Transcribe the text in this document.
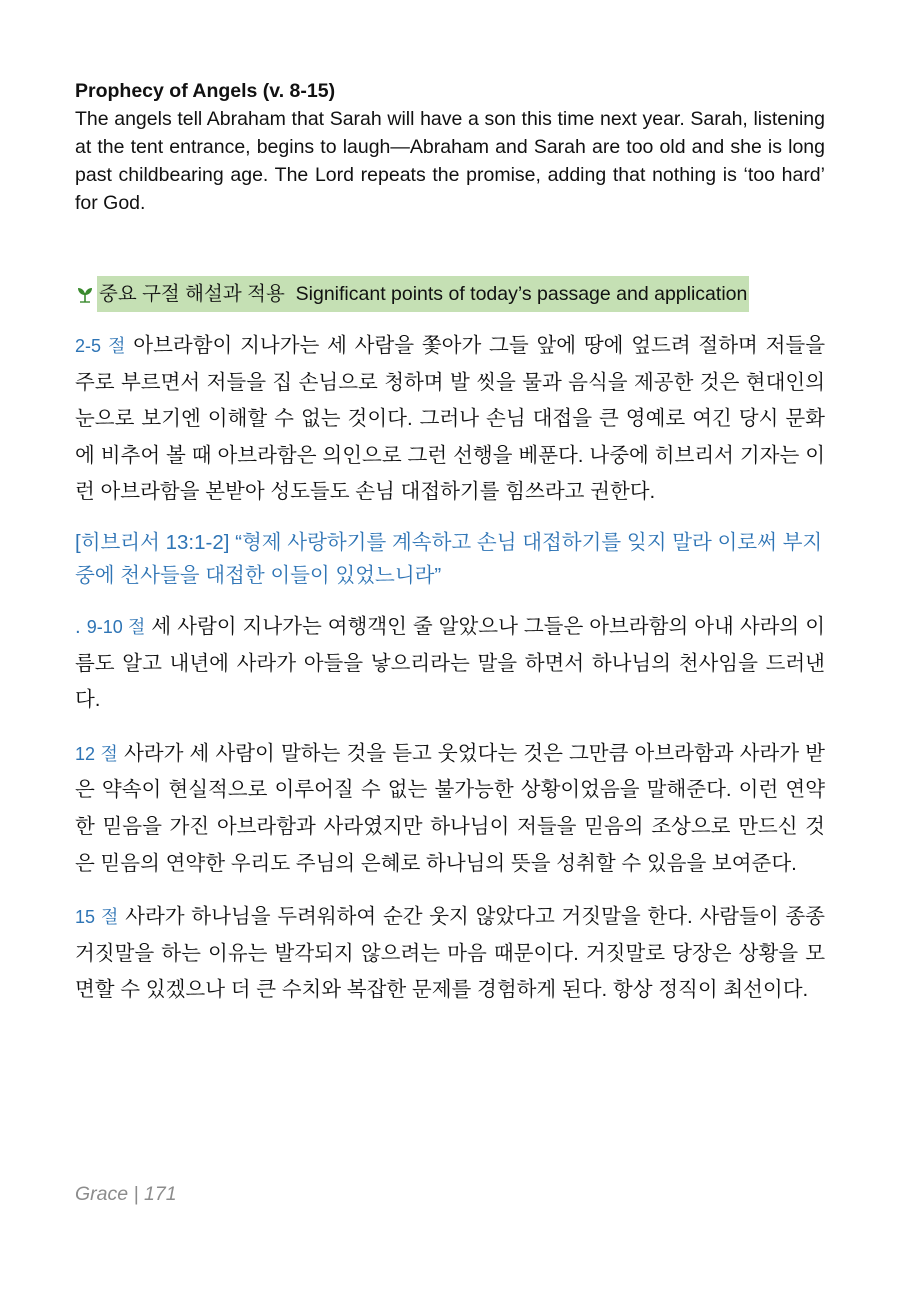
Prophecy of Angels (v. 8-15)

The angels tell Abraham that Sarah will have a son this time next year. Sarah, listening at the tent entrance, begins to laugh—Abraham and Sarah are too old and she is long past childbearing age. The Lord repeats the promise, adding that nothing is ‘too hard’ for God.

중요 구절 해설과 적용 Significant points of today’s passage and application

2-5 절 아브라함이 지나가는 세 사람을 쫓아가 그들 앞에 땅에 엎드려 절하며 저들을 주로 부르면서 저들을 집 손님으로 청하며 발 씻을 물과 음식을 제공한 것은 현대인의 눈으로 보기엔 이해할 수 없는 것이다. 그러나 손님 대접을 큰 영예로 여긴 당시 문화에 비추어 볼 때 아브라함은 의인으로 그런 선행을 베푼다. 나중에 히브리서 기자는 이런 아브라함을 본받아 성도들도 손님 대접하기를 힘쓰라고 권한다.

[히브리서 13:1-2] “형제 사랑하기를 계속하고 손님 대접하기를 잊지 말라 이로써 부지중에 천사들을 대접한 이들이 있었느니라”

. 9-10 절 세 사람이 지나가는 여행객인 줄 알았으나 그들은 아브라함의 아내 사라의 이름도 알고 내년에 사라가 아들을 낳으리라는 말을 하면서 하나님의 천사임을 드러낸다.

12 절 사라가 세 사람이 말하는 것을 듣고 웃었다는 것은 그만큼 아브라함과 사라가 받은 약속이 현실적으로 이루어질 수 없는 불가능한 상황이었음을 말해준다. 이런 연약한 믿음을 가진 아브라함과 사라였지만 하나님이 저들을 믿음의 조상으로 만드신 것은 믿음의 연약한 우리도 주님의 은혜로 하나님의 뜻을 성취할 수 있음을 보여준다.

15 절 사라가 하나님을 두려워하여 순간 웃지 않았다고 거짓말을 한다. 사람들이 종종 거짓말을 하는 이유는 발각되지 않으려는 마음 때문이다. 거짓말로 당장은 상황을 모면할 수 있겠으나 더 큰 수치와 복잡한 문제를 경험하게 된다. 항상 정직이 최선이다.

Grace | 171
